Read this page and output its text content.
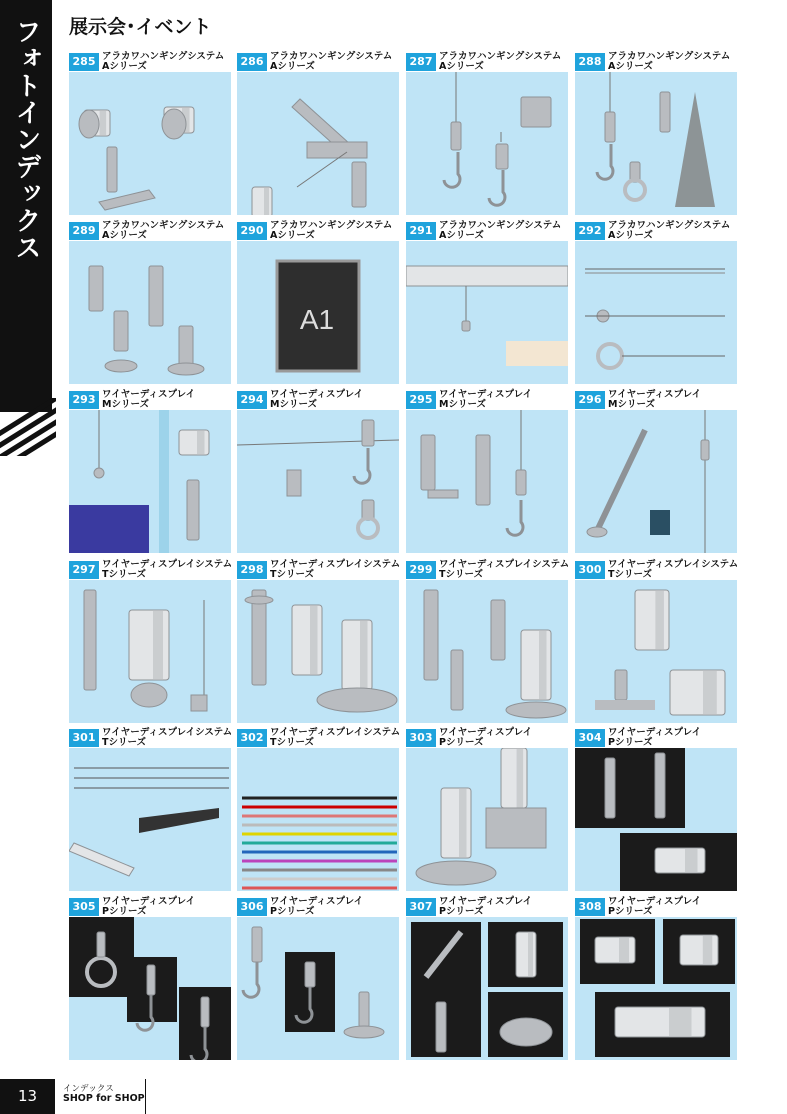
フォトインデックス	展示会･イベント
285 アラカワハンギングシステム
Aシリーズ	286 アラカワハンギングシステム
Aシリーズ	287 アラカワハンギングシステム
Aシリーズ	288 アラカワハンギングシステム
Aシリーズ
289 アラカワハンギングシステム
Aシリーズ	290 アラカワハンギングシステム
Aシリーズ
A1
291 アラカワハンギングシステム
Aシリーズ	292 アラカワハンギングシステム
Aシリーズ
293 ワイヤーディスプレイ
Mシリーズ	294 ワイヤーディスプレイ
Mシリーズ	295 ワイヤーディスプレイ
Mシリーズ	296 ワイヤーディスプレイ
Mシリーズ
297 ワイヤーディスプレイシステム
Tシリーズ	298 ワイヤーディスプレイシステム
Tシリーズ	299 ワイヤーディスプレイシステム
Tシリーズ	300 ワイヤーディスプレイシステム
Tシリーズ
301 ワイヤーディスプレイシステム
Tシリーズ	302 ワイヤーディスプレイシステム
Tシリーズ	303 ワイヤーディスプレイ
Pシリーズ	304 ワイヤーディスプレイ
Pシリーズ
305 ワイヤーディスプレイ
Pシリーズ	306 ワイヤーディスプレイ
Pシリーズ	307 ワイヤーディスプレイ
Pシリーズ	308 ワイヤーディスプレイ
Pシリーズ
13	インデックス
SHOP for SHOP
